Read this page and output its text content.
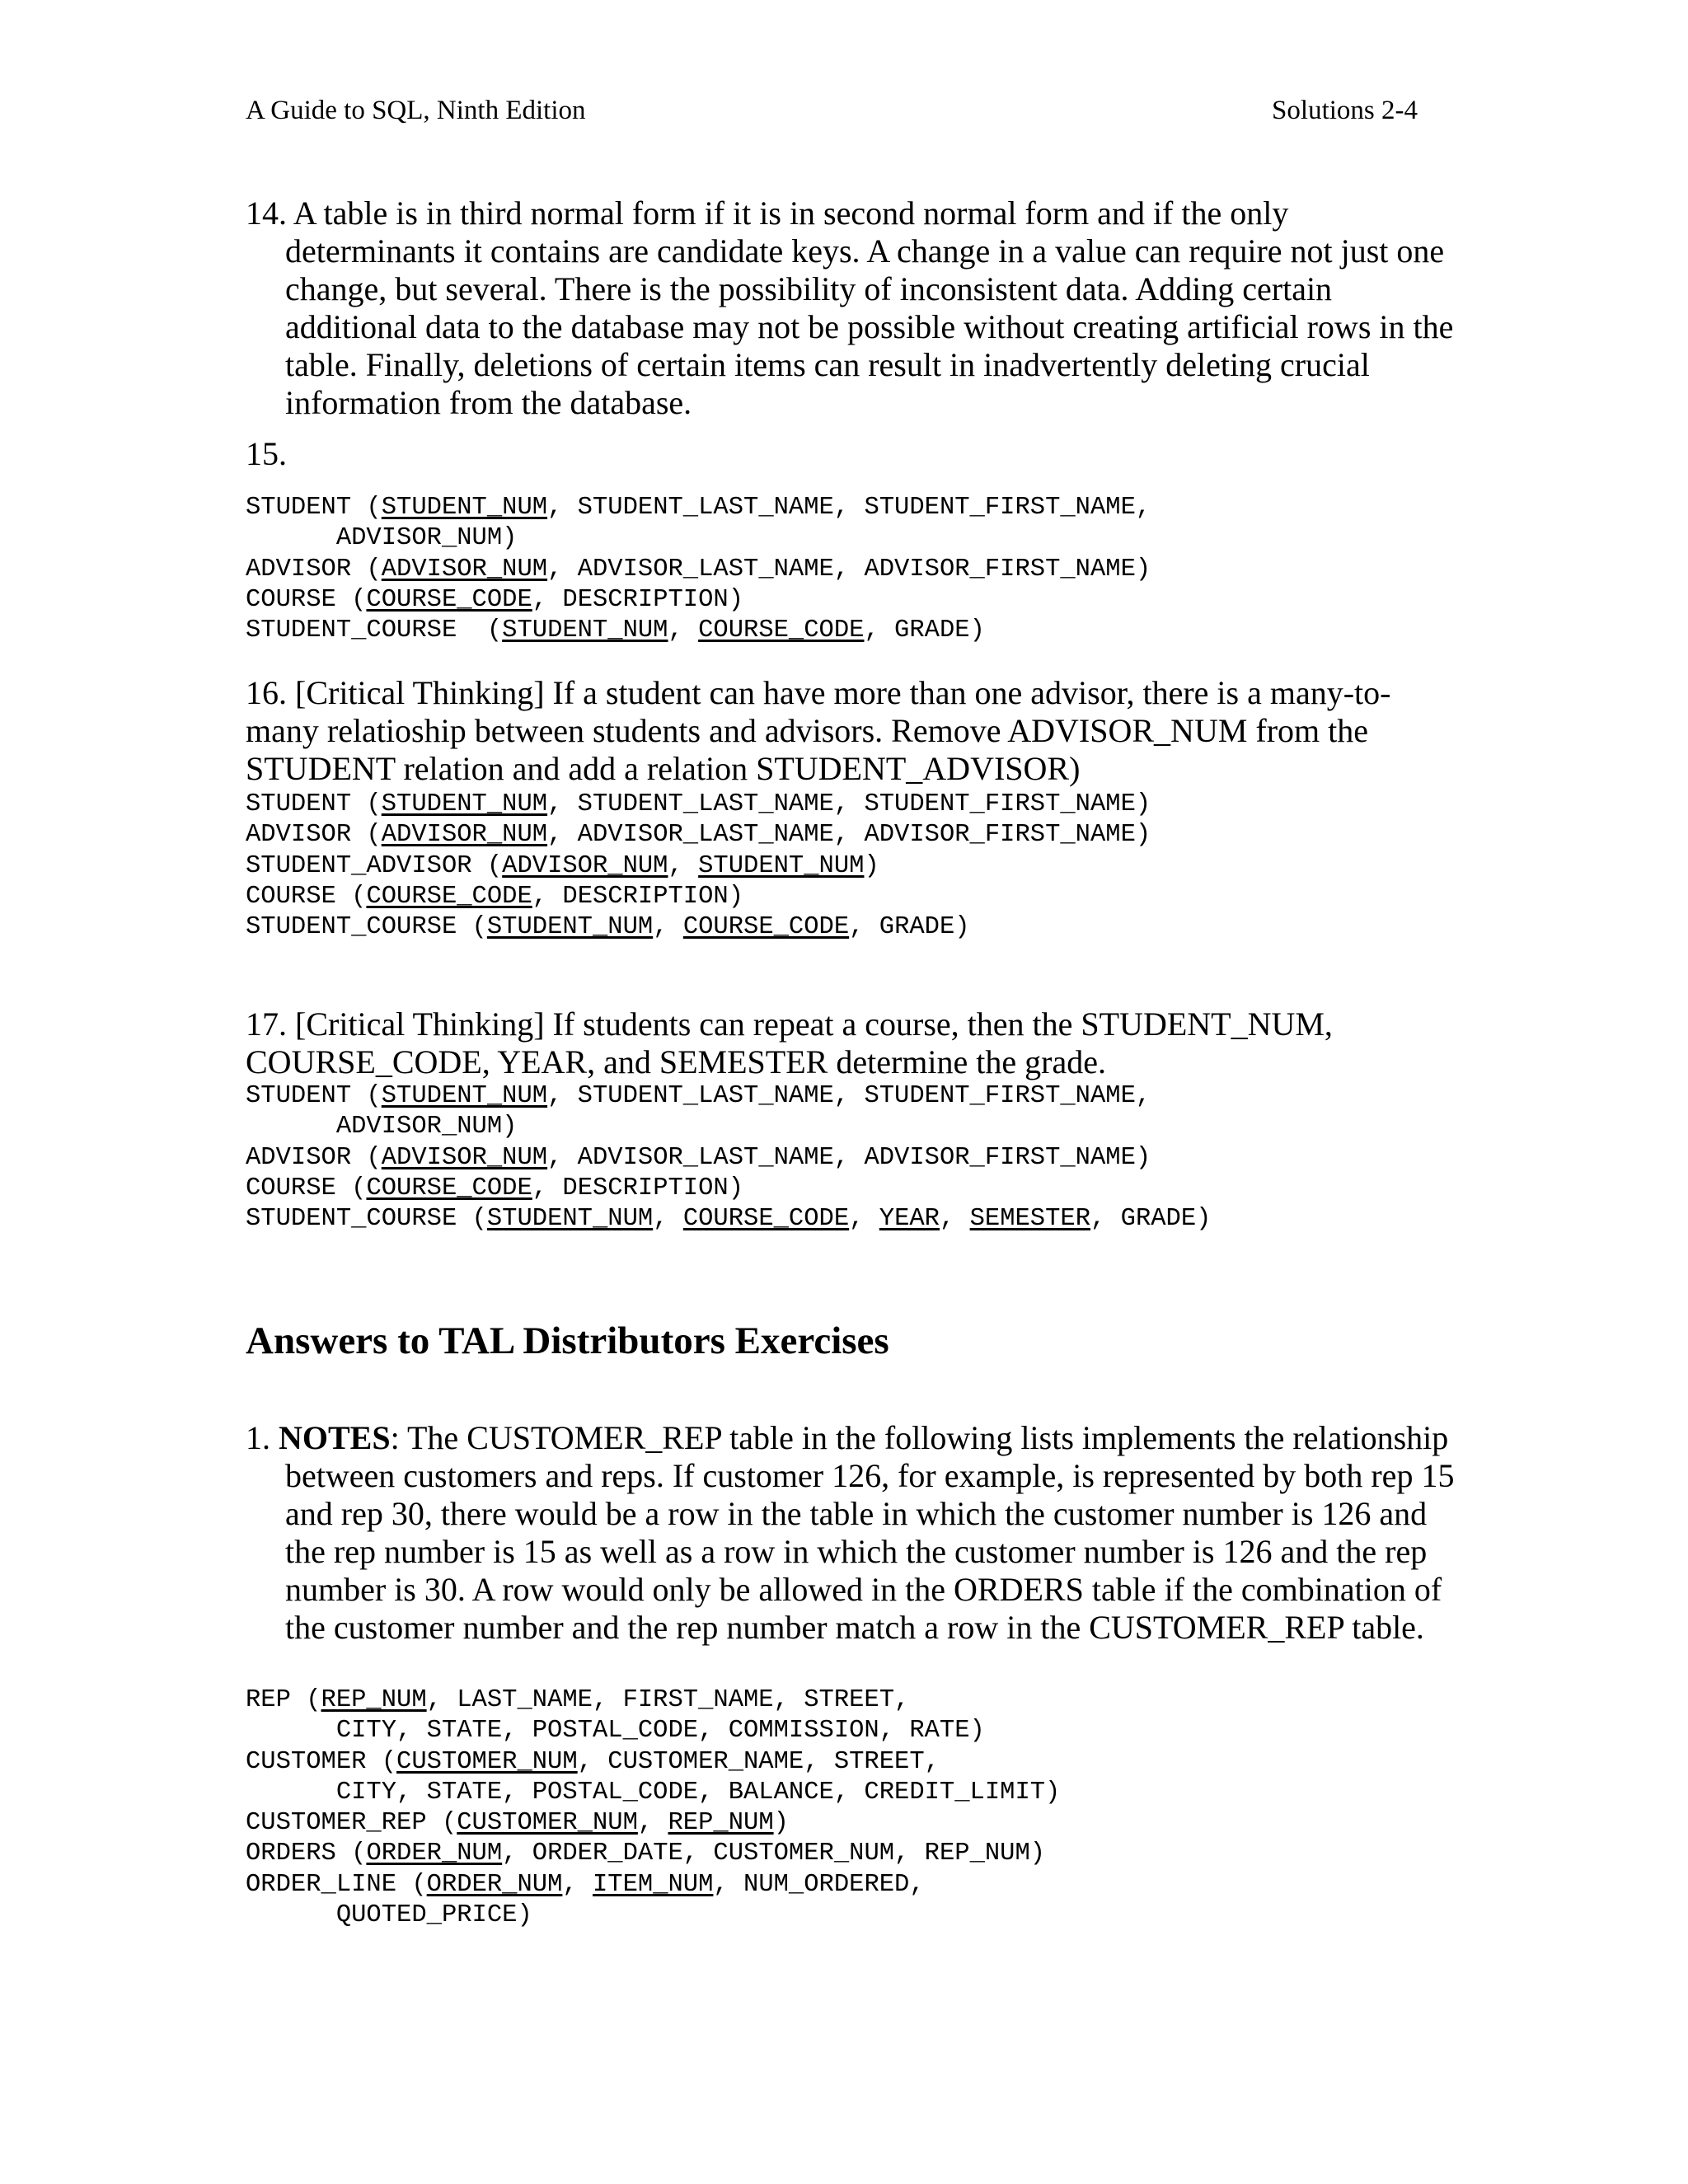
A Guide to SQL, Ninth Edition	Solutions 2-4
14. A table is in third normal form if it is in second normal form and if the only determinants it contains are candidate keys. A change in a value can require not just one change, but several. There is the possibility of inconsistent data. Adding certain additional data to the database may not be possible without creating artificial rows in the table. Finally, deletions of certain items can result in inadvertently deleting crucial information from the database.
15.
STUDENT (STUDENT_NUM, STUDENT_LAST_NAME, STUDENT_FIRST_NAME,
ADVISOR_NUM)
ADVISOR (ADVISOR_NUM, ADVISOR_LAST_NAME, ADVISOR_FIRST_NAME)
COURSE (COURSE_CODE, DESCRIPTION)
STUDENT_COURSE  (STUDENT_NUM, COURSE_CODE, GRADE)
16. [Critical Thinking] If a student can have more than one advisor, there is a many-to-many relatioship between students and advisors. Remove ADVISOR_NUM from the STUDENT relation and add a relation STUDENT_ADVISOR)
STUDENT (STUDENT_NUM, STUDENT_LAST_NAME, STUDENT_FIRST_NAME)
ADVISOR (ADVISOR_NUM, ADVISOR_LAST_NAME, ADVISOR_FIRST_NAME)
STUDENT_ADVISOR (ADVISOR_NUM, STUDENT_NUM)
COURSE (COURSE_CODE, DESCRIPTION)
STUDENT_COURSE (STUDENT_NUM, COURSE_CODE, GRADE)
17. [Critical Thinking] If students can repeat a course, then the STUDENT_NUM, COURSE_CODE, YEAR, and SEMESTER determine the grade.
STUDENT (STUDENT_NUM, STUDENT_LAST_NAME, STUDENT_FIRST_NAME,
ADVISOR_NUM)
ADVISOR (ADVISOR_NUM, ADVISOR_LAST_NAME, ADVISOR_FIRST_NAME)
COURSE (COURSE_CODE, DESCRIPTION)
STUDENT_COURSE (STUDENT_NUM, COURSE_CODE, YEAR, SEMESTER, GRADE)
Answers to TAL Distributors Exercises
1. NOTES: The CUSTOMER_REP table in the following lists implements the relationship between customers and reps. If customer 126, for example, is represented by both rep 15 and rep 30, there would be a row in the table in which the customer number is 126 and the rep number is 15 as well as a row in which the customer number is 126 and the rep number is 30. A row would only be allowed in the ORDERS table if the combination of the customer number and the rep number match a row in the CUSTOMER_REP table.
REP (REP_NUM, LAST_NAME, FIRST_NAME, STREET,
CITY, STATE, POSTAL_CODE, COMMISSION, RATE)
CUSTOMER (CUSTOMER_NUM, CUSTOMER_NAME, STREET,
CITY, STATE, POSTAL_CODE, BALANCE, CREDIT_LIMIT)
CUSTOMER_REP (CUSTOMER_NUM, REP_NUM)
ORDERS (ORDER_NUM, ORDER_DATE, CUSTOMER_NUM, REP_NUM)
ORDER_LINE (ORDER_NUM, ITEM_NUM, NUM_ORDERED,
QUOTED_PRICE)
